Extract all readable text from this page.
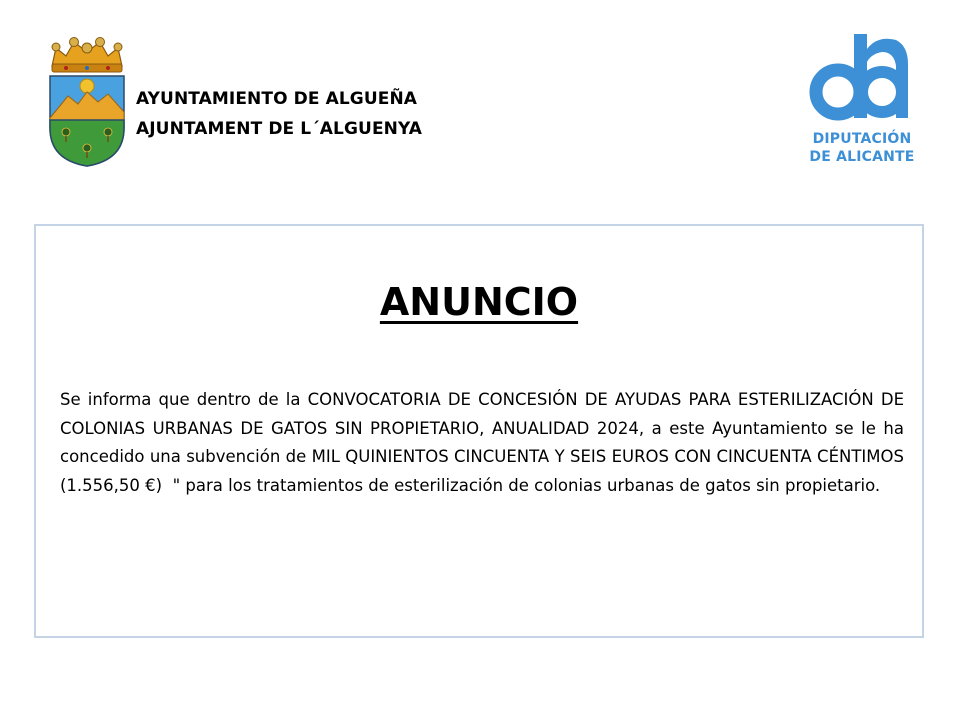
AYUNTAMIENTO DE ALGUEÑA
AJUNTAMENT DE L´ALGUENYA	DIPUTACIÓN
DE ALICANTE
ANUNCIO
Se informa que dentro de la CONVOCATORIA DE CONCESIÓN DE AYUDAS PARA ESTERILIZACIÓN DE COLONIAS URBANAS DE GATOS SIN PROPIETARIO, ANUALIDAD 2024, a este Ayuntamiento se le ha concedido una subvención de MIL QUINIENTOS CINCUENTA Y SEIS EUROS CON CINCUENTA CÉNTIMOS  (1.556,50 €)  " para los tratamientos de esterilización de colonias urbanas de gatos sin propietario.
